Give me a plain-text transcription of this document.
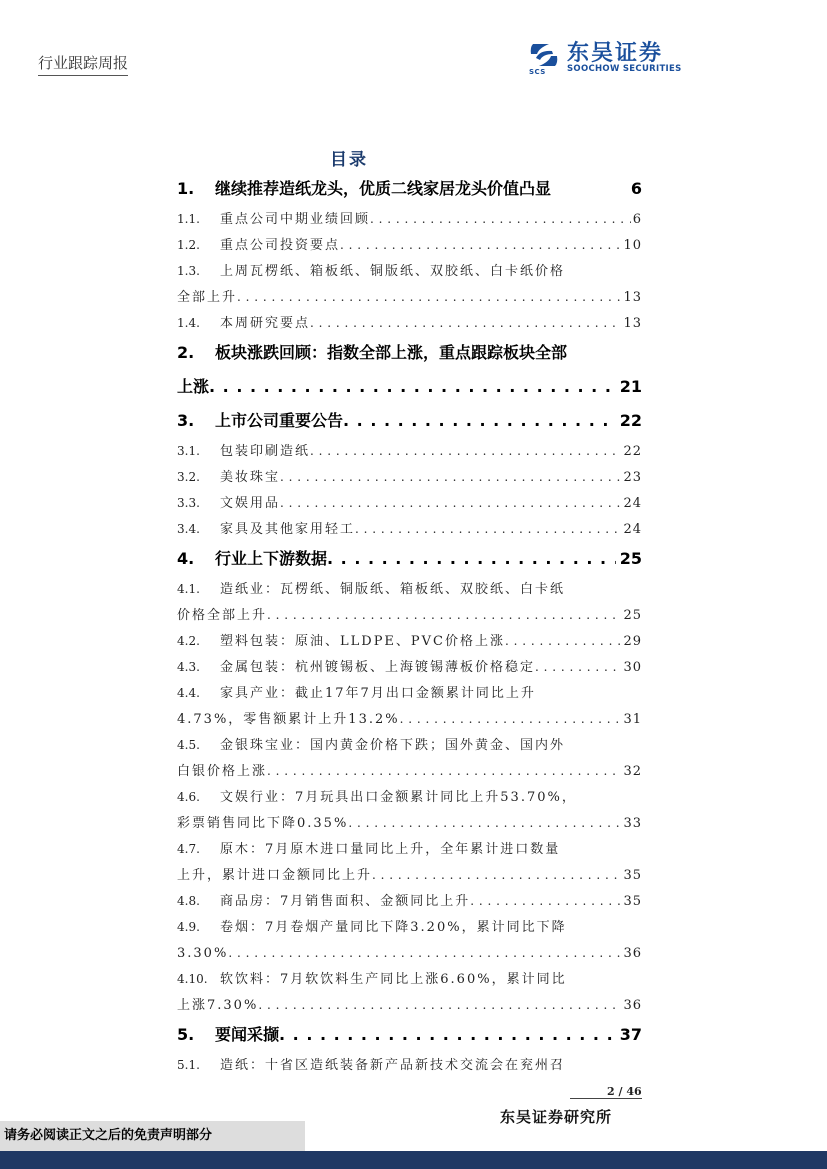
行业跟踪周报	SCS
东吴证券
SOOCHOW SECURITIES
目录
1.	继续推荐造纸龙头，优质二线家居龙头价值凸显	6
1.1.	重点公司中期业绩回顾 . . .	6
1.2.	重点公司投资要点 . . .	10
1.3.	上周瓦楞纸、箱板纸、铜版纸、双胶纸、白卡纸价格
全部上升 . . .	13
1.4.	本周研究要点 . . .	13
2.	板块涨跌回顾：指数全部上涨，重点跟踪板块全部
上涨 . . .	21
3.	上市公司重要公告 . . .	22
3.1.	包装印刷造纸 . . .	22
3.2.	美妆珠宝 . . .	23
3.3.	文娱用品 . . .	24
3.4.	家具及其他家用轻工 . . .	24
4.	行业上下游数据 . . .	25
4.1.	造纸业：瓦楞纸、铜版纸、箱板纸、双胶纸、白卡纸
价格全部上升 . . .	25
4.2.	塑料包装：原油、LLDPE、PVC价格上涨 . . .	29
4.3.	金属包装：杭州镀锡板、上海镀锡薄板价格稳定 . . .	30
4.4.	家具产业：截止17年7月出口金额累计同比上升
4.73%，零售额累计上升13.2% . . .	31
4.5.	金银珠宝业：国内黄金价格下跌；国外黄金、国内外
白银价格上涨 . . .	32
4.6.	文娱行业：7月玩具出口金额累计同比上升53.70%，
彩票销售同比下降0.35% . . .	33
4.7.	原木：7月原木进口量同比上升，全年累计进口数量
上升，累计进口金额同比上升 . . .	35
4.8.	商品房：7月销售面积、金额同比上升 . . .	35
4.9.	卷烟：7月卷烟产量同比下降3.20%，累计同比下降
3.30% . . .	36
4.10. 软饮料：7月软饮料生产同比上涨6.60%，累计同比
上涨7.30% . . .	36
5.	要闻采撷 . . .	37
5.1.	造纸：十省区造纸装备新产品新技术交流会在兖州召
2 / 46
东吴证券研究所
请务必阅读正文之后的免责声明部分
